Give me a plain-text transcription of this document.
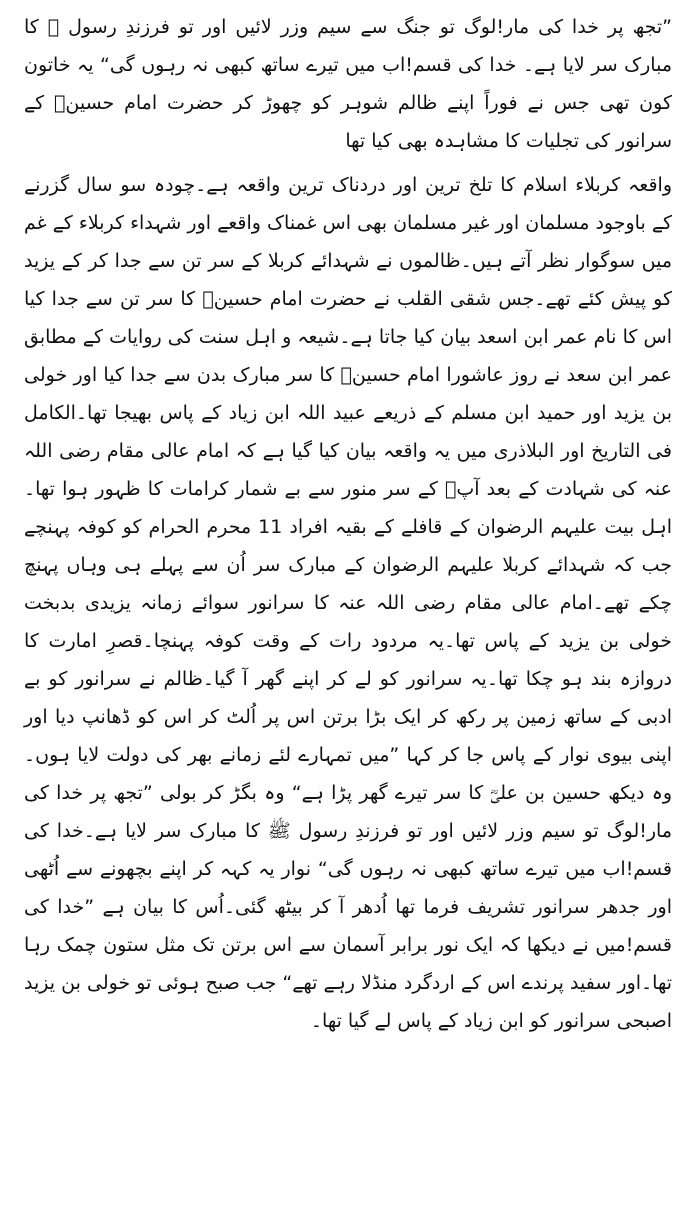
”تجھ پر خدا کی مار!لوگ تو جنگ سے سیم وزر لائیں اور تو فرزندِ رسول ﷺ کا مبارک سر لایا ہے۔ خدا کی قسم!اب میں تیرے ساتھ کبھی نہ رہوں گی“ یہ خاتون کون تھی جس نے فوراً اپنے ظالم شوہر کو چھوڑ کر حضرت امام حسینؓ کے سرانور کی تجلیات کا مشاہدہ بھی کیا تھا

واقعہ کربلاء اسلام کا تلخ ترین اور دردناک ترین واقعہ ہے۔چودہ سو سال گزرنے کے باوجود مسلمان اور غیر مسلمان بھی اس غمناک واقعے اور شہداء کربلاء کے غم میں سوگوار نظر آتے ہیں۔ظالموں نے شہدائے کربلا کے سر تن سے جدا کر کے یزید کو پیش کئے تھے۔جس شقی القلب نے حضرت امام حسینؓ کا سر تن سے جدا کیا اس کا نام عمر ابن اسعد بیان کیا جاتا ہے۔شیعہ و اہل سنت کی روایات کے مطابق عمر ابن سعد نے روز عاشورا امام حسینؓ کا سر مبارک بدن سے جدا کیا اور خولی بن یزید اور حمید ابن مسلم کے ذریعے عبید اللہ ابن زیاد کے پاس بھیجا تھا۔الکامل فی التاریخ اور البلاذری میں یہ واقعہ بیان کیا گیا ہے کہ امام عالی مقام رضی اللہ عنہ کی شہادت کے بعد آپؓ کے سر منور سے بے شمار کرامات کا ظہور ہوا تھا۔اہل بیت علیہم الرضوان کے قافلے کے بقیہ افراد 11 محرم الحرام کو کوفہ پہنچے جب کہ شہدائے کربلا علیہم الرضوان کے مبارک سر اُن سے پہلے ہی وہاں پہنچ چکے تھے۔امام عالی مقام رضی اللہ عنہ کا سرانور سوائے زمانہ یزیدی بدبخت خولی بن یزید کے پاس تھا۔یہ مردود رات کے وقت کوفہ پہنچا۔قصرِ امارت کا دروازہ بند ہو چکا تھا۔یہ سرانور کو لے کر اپنے گھر آ گیا۔ظالم نے سرانور کو بے ادبی کے ساتھ زمین پر رکھ کر ایک بڑا برتن اس پر اُلٹ کر اس کو ڈھانپ دیا اور اپنی بیوی نوار کے پاس جا کر کہا ”میں تمہارے لئے زمانے بھر کی دولت لایا ہوں۔وہ دیکھ حسین بن علیؓ کا سر تیرے گھر پڑا ہے“ وہ بگڑ کر بولی ”تجھ پر خدا کی مار!لوگ تو سیم وزر لائیں اور تو فرزندِ رسول ﷺ کا مبارک سر لایا ہے۔خدا کی قسم!اب میں تیرے ساتھ کبھی نہ رہوں گی“ نوار یہ کہہ کر اپنے بچھونے سے اُٹھی اور جدھر سرانور تشریف فرما تھا اُدھر آ کر بیٹھ گئی۔اُس کا بیان ہے ”خدا کی قسم!میں نے دیکھا کہ ایک نور برابر آسمان سے اس برتن تک مثل ستون چمک رہا تھا۔اور سفید پرندے اس کے اردگرد منڈلا رہے تھے“ جب صبح ہوئی تو خولی بن یزید اصبحی سرانور کو ابن زیاد کے پاس لے گیا تھا۔
